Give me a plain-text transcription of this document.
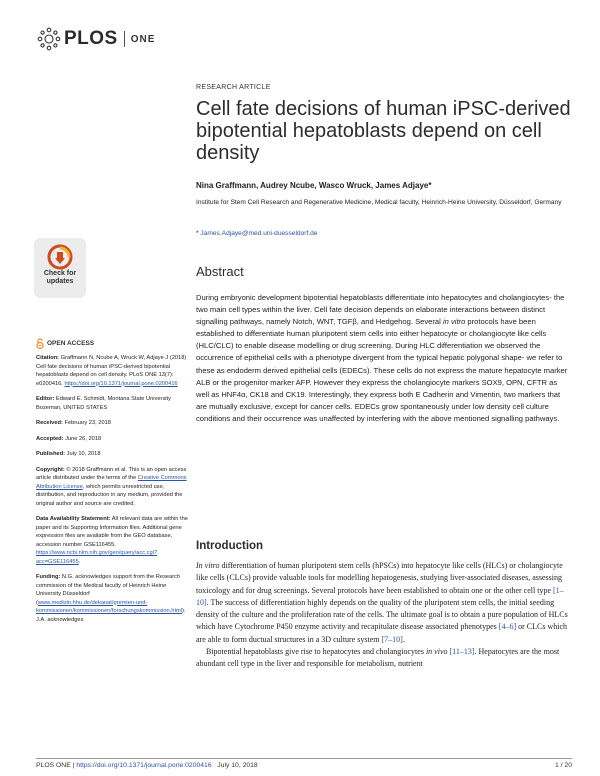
PLOS ONE
RESEARCH ARTICLE
Cell fate decisions of human iPSC-derived bipotential hepatoblasts depend on cell density
Nina Graffmann, Audrey Ncube, Wasco Wruck, James Adjaye*
Institute for Stem Cell Research and Regenerative Medicine, Medical faculty, Heinrich-Heine University, Düsseldorf, Germany
* James.Adjaye@med.uni-duesseldorf.de
Check for
updates
OPEN ACCESS
Citation: Graffmann N, Ncube A, Wruck W, Adjaye J (2018) Cell fate decisions of human iPSC-derived bipotential hepatoblasts depend on cell density. PLoS ONE 13(7): e0200416. https://doi.org/10.1371/journal.pone.0200416
Editor: Edward E. Schmidt, Montana State University Bozeman, UNITED STATES
Received: February 23, 2018
Accepted: June 26, 2018
Published: July 10, 2018
Copyright: © 2018 Graffmann et al. This is an open access article distributed under the terms of the Creative Commons Attribution License, which permits unrestricted use, distribution, and reproduction in any medium, provided the original author and source are credited.
Data Availability Statement: All relevant data are within the paper and its Supporting Information files. Additional gene expression files are available from the GEO database, accession number GSE116455. https://www.ncbi.nlm.nih.gov/geo/query/acc.cgi?acc=GSE116455.
Funding: N.G. acknowledges support from the Research commission of the Medical faculty of Heinrich Heine University Düsseldorf (www.medizin.hhu.de/dekanat/gremien-und-kommissionen/kommissionen/forschungskommission.html). J.A. acknowledges
Abstract
During embryonic development bipotential hepatoblasts differentiate into hepatocytes and cholangiocytes- the two main cell types within the liver. Cell fate decision depends on elaborate interactions between distinct signalling pathways, namely Notch, WNT, TGFβ, and Hedgehog. Several in vitro protocols have been established to differentiate human pluripotent stem cells into either hepatocyte or cholangiocyte like cells (HLC/CLC) to enable disease modelling or drug screening. During HLC differentiation we observed the occurrence of epithelial cells with a phenotype divergent from the typical hepatic polygonal shape- we refer to these as endoderm derived epithelial cells (EDECs). These cells do not express the mature hepatocyte marker ALB or the progenitor marker AFP. However they express the cholangiocyte markers SOX9, OPN, CFTR as well as HNF4α, CK18 and CK19. Interestingly, they express both E Cadherin and Vimentin, two markers that are mutually exclusive, except for cancer cells. EDECs grow spontaneously under low density cell culture conditions and their occurrence was unaffected by interfering with the above mentioned signalling pathways.
Introduction

In vitro differentiation of human pluripotent stem cells (hPSCs) into hepatocyte like cells (HLCs) or cholangiocyte like cells (CLCs) provide valuable tools for modelling hepatogenesis, studying liver-associated diseases, assessing toxicology and for drug screenings. Several protocols have been established to obtain one or the other cell type [1–10]. The success of differentiation highly depends on the quality of the pluripotent stem cells, the initial seeding density of the culture and the proliferation rate of the cells. The ultimate goal is to obtain a pure population of HLCs which have Cytochrome P450 enzyme activity and recapitulate disease associated phenotypes [4–6] or CLCs which are able to form ductual structures in a 3D culture system [7–10].

Bipotential hepatoblasts give rise to hepatocytes and cholangiocytes in vivo [11–13]. Hepatocytes are the most abundant cell type in the liver and responsible for metabolism, nutrient

PLOS ONE | https://doi.org/10.1371/journal.pone.0200416 July 10, 2018	1 / 20
